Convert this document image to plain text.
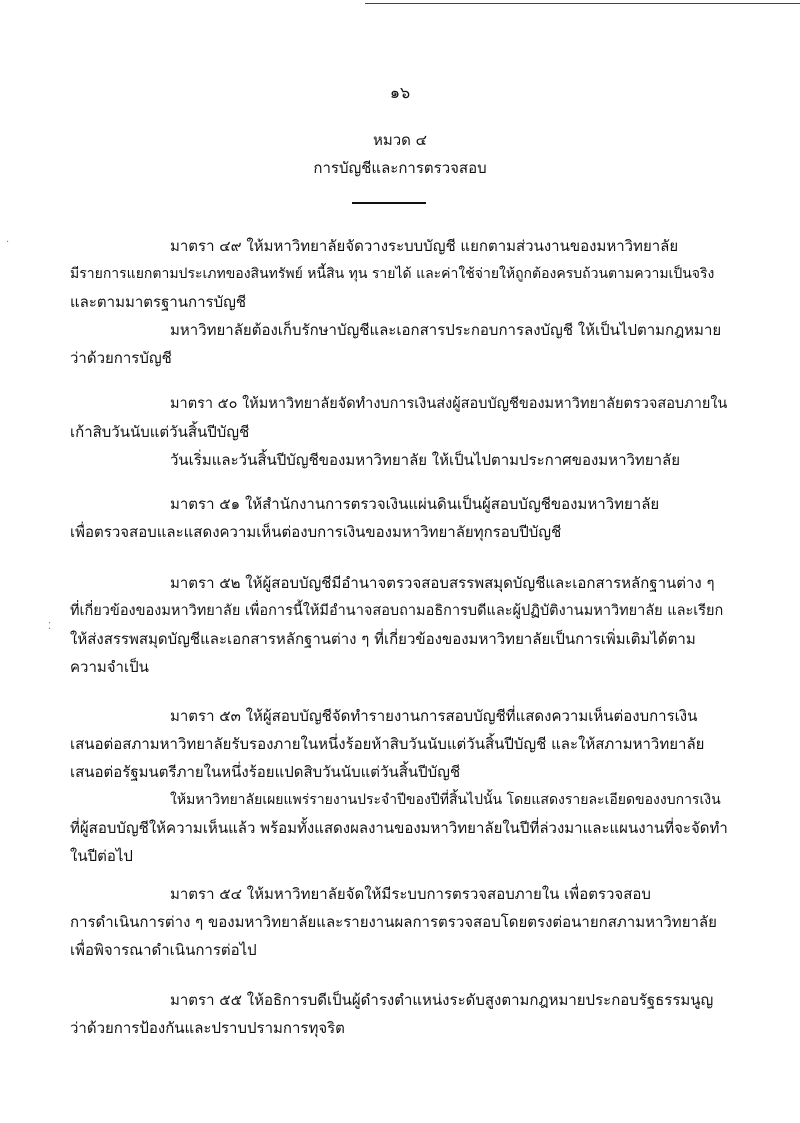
๑๖
หมวด ๔
การบัญชีและการตรวจสอบ
มาตรา ๔๙ ให้มหาวิทยาลัยจัดวางระบบบัญชี แยกตามส่วนงานของมหาวิทยาลัย
มีรายการแยกตามประเภทของสินทรัพย์ หนี้สิน ทุน รายได้ และค่าใช้จ่ายให้ถูกต้องครบถ้วนตามความเป็นจริง
และตามมาตรฐานการบัญชี
มหาวิทยาลัยต้องเก็บรักษาบัญชีและเอกสารประกอบการลงบัญชี ให้เป็นไปตามกฎหมาย
ว่าด้วยการบัญชี
มาตรา ๕๐ ให้มหาวิทยาลัยจัดทำงบการเงินส่งผู้สอบบัญชีของมหาวิทยาลัยตรวจสอบภายใน
เก้าสิบวันนับแต่วันสิ้นปีบัญชี
วันเริ่มและวันสิ้นปีบัญชีของมหาวิทยาลัย ให้เป็นไปตามประกาศของมหาวิทยาลัย
มาตรา ๕๑ ให้สำนักงานการตรวจเงินแผ่นดินเป็นผู้สอบบัญชีของมหาวิทยาลัย
เพื่อตรวจสอบและแสดงความเห็นต่องบการเงินของมหาวิทยาลัยทุกรอบปีบัญชี
มาตรา ๕๒ ให้ผู้สอบบัญชีมีอำนาจตรวจสอบสรรพสมุดบัญชีและเอกสารหลักฐานต่าง ๆ
ที่เกี่ยวข้องของมหาวิทยาลัย เพื่อการนี้ให้มีอำนาจสอบถามอธิการบดีและผู้ปฏิบัติงานมหาวิทยาลัย และเรียก
ให้ส่งสรรพสมุดบัญชีและเอกสารหลักฐานต่าง ๆ ที่เกี่ยวข้องของมหาวิทยาลัยเป็นการเพิ่มเติมได้ตาม
ความจำเป็น
มาตรา ๕๓ ให้ผู้สอบบัญชีจัดทำรายงานการสอบบัญชีที่แสดงความเห็นต่องบการเงิน
เสนอต่อสภามหาวิทยาลัยรับรองภายในหนึ่งร้อยห้าสิบวันนับแต่วันสิ้นปีบัญชี และให้สภามหาวิทยาลัย
เสนอต่อรัฐมนตรีภายในหนึ่งร้อยแปดสิบวันนับแต่วันสิ้นปีบัญชี
ให้มหาวิทยาลัยเผยแพร่รายงานประจำปีของปีที่สิ้นไปนั้น โดยแสดงรายละเอียดของงบการเงิน
ที่ผู้สอบบัญชีให้ความเห็นแล้ว พร้อมทั้งแสดงผลงานของมหาวิทยาลัยในปีที่ล่วงมาและแผนงานที่จะจัดทำ
ในปีต่อไป
มาตรา ๕๔ ให้มหาวิทยาลัยจัดให้มีระบบการตรวจสอบภายใน เพื่อตรวจสอบ
การดำเนินการต่าง ๆ ของมหาวิทยาลัยและรายงานผลการตรวจสอบโดยตรงต่อนายกสภามหาวิทยาลัย
เพื่อพิจารณาดำเนินการต่อไป
มาตรา ๕๕ ให้อธิการบดีเป็นผู้ดำรงตำแหน่งระดับสูงตามกฎหมายประกอบรัฐธรรมนูญ
ว่าด้วยการป้องกันและปราบปรามการทุจริต
·
⁚
